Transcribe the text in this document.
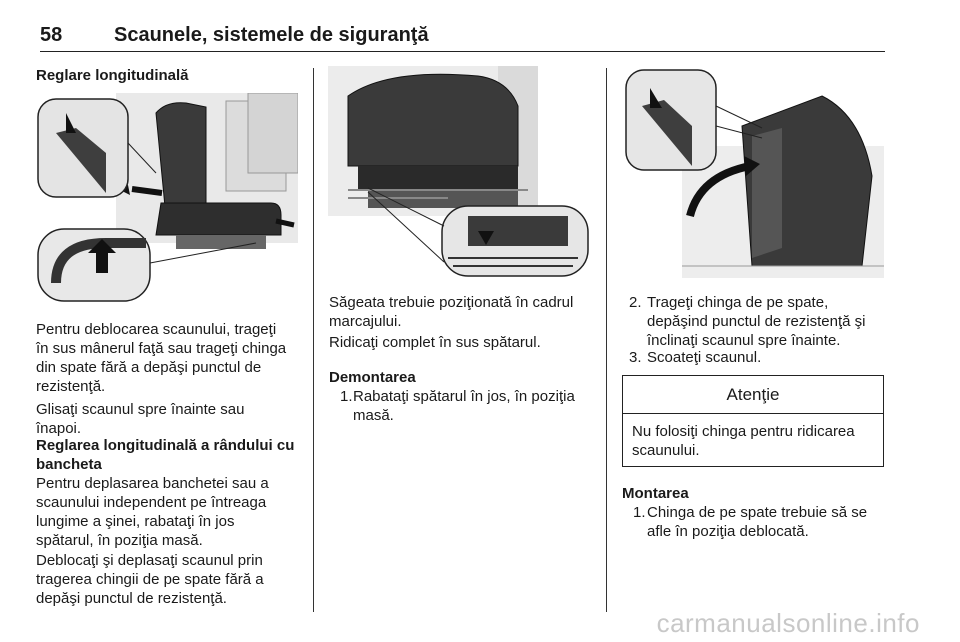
58	Scaunele, sistemele de siguranţă
Reglare longitudinală
Pentru deblocarea scaunului, trageţi
în sus mânerul faţă sau trageţi chinga
din spate fără a depăşi punctul de
rezistenţă.
Glisaţi scaunul spre înainte sau
înapoi.
Reglarea longitudinală a rândului cu
bancheta
Pentru deplasarea banchetei sau a
scaunului independent pe întreaga
lungime a şinei, rabataţi în jos
spătarul, în poziţia masă.
Deblocaţi şi deplasaţi scaunul prin
tragerea chingii de pe spate fără a
depăşi punctul de rezistenţă.
Săgeata trebuie poziţionată în cadrul
marcajului.
Ridicaţi complet în sus spătarul.
Demontarea
1. Rabataţi spătarul în jos, în poziţia
masă.
2. Trageţi chinga de pe spate,
depăşind punctul de rezistenţă şi
înclinaţi scaunul spre înainte.
3. Scoateţi scaunul.
Atenţie
Nu folosiţi chinga pentru ridicarea
scaunului.
Montarea
1. Chinga de pe spate trebuie să se
afle în poziţia deblocată.
carmanualsonline.info
